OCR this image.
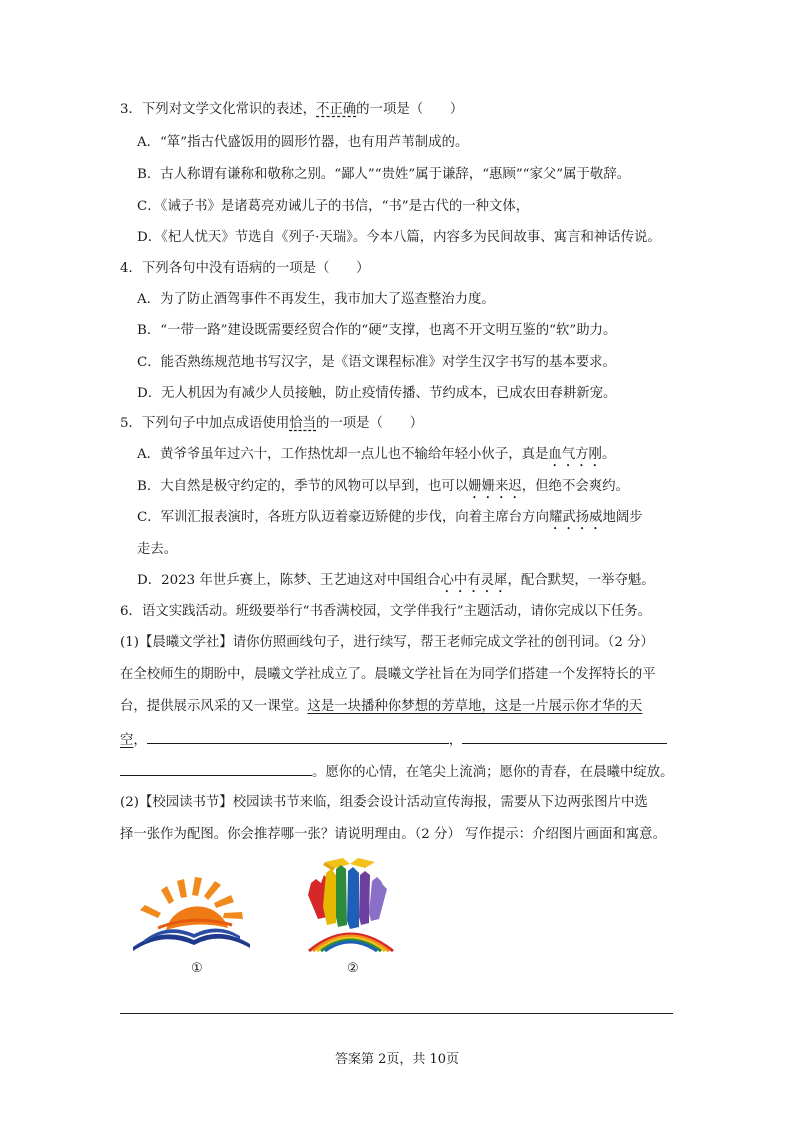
3．下列对文学文化常识的表述，不正确的一项是（　　）
A．“箪”指古代盛饭用的圆形竹器，也有用芦苇制成的。
B．古人称谓有谦称和敬称之别。“鄙人”“贵姓”属于谦辞，“惠顾”“家父”属于敬辞。
C．《诫子书》是诸葛亮劝诫儿子的书信，“书”是古代的一种文体，
D．《杞人忧天》节选自《列子·天瑞》。今本八篇，内容多为民间故事、寓言和神话传说。
4．下列各句中没有语病的一项是（　　）
A．为了防止酒驾事件不再发生，我市加大了巡查整治力度。
B．“一带一路”建设既需要经贸合作的“硬”支撑，也离不开文明互鉴的“软”助力。
C．能否熟练规范地书写汉字，是《语文课程标准》对学生汉字书写的基本要求。
D．无人机因为有减少人员接触，防止疫情传播、节约成本，已成农田春耕新宠。
5．下列句子中加点成语使用恰当的一项是（　　）
A．黄爷爷虽年过六十，工作热忱却一点儿也不输给年轻小伙子，真是血气方刚。
B．大自然是极守约定的，季节的风物可以早到，也可以姗姗来迟，但绝不会爽约。
C．军训汇报表演时，各班方队迈着豪迈矫健的步伐，向着主席台方向耀武扬威地阔步
走去。
D．2023 年世乒赛上，陈梦、王艺迪这对中国组合心中有灵犀，配合默契，一举夺魁。
6．语文实践活动。班级要举行“书香满校园，文学伴我行”主题活动，请你完成以下任务。
(1)【晨曦文学社】请你仿照画线句子，进行续写，帮王老师完成文学社的创刊词。（2 分）
在全校师生的期盼中，晨曦文学社成立了。晨曦文学社旨在为同学们搭建一个发挥特长的平
台，提供展示风采的又一课堂。这是一块播种你梦想的芳草地，这是一片展示你才华的天
空，	，
。愿你的心情，在笔尖上流淌；愿你的青春，在晨曦中绽放。
(2)【校园读书节】校园读书节来临，组委会设计活动宣传海报，需要从下边两张图片中选
择一张作为配图。你会推荐哪一张？请说明理由。（2 分） 写作提示：介绍图片画面和寓意。
①	②
答案第 2页，共 10页
